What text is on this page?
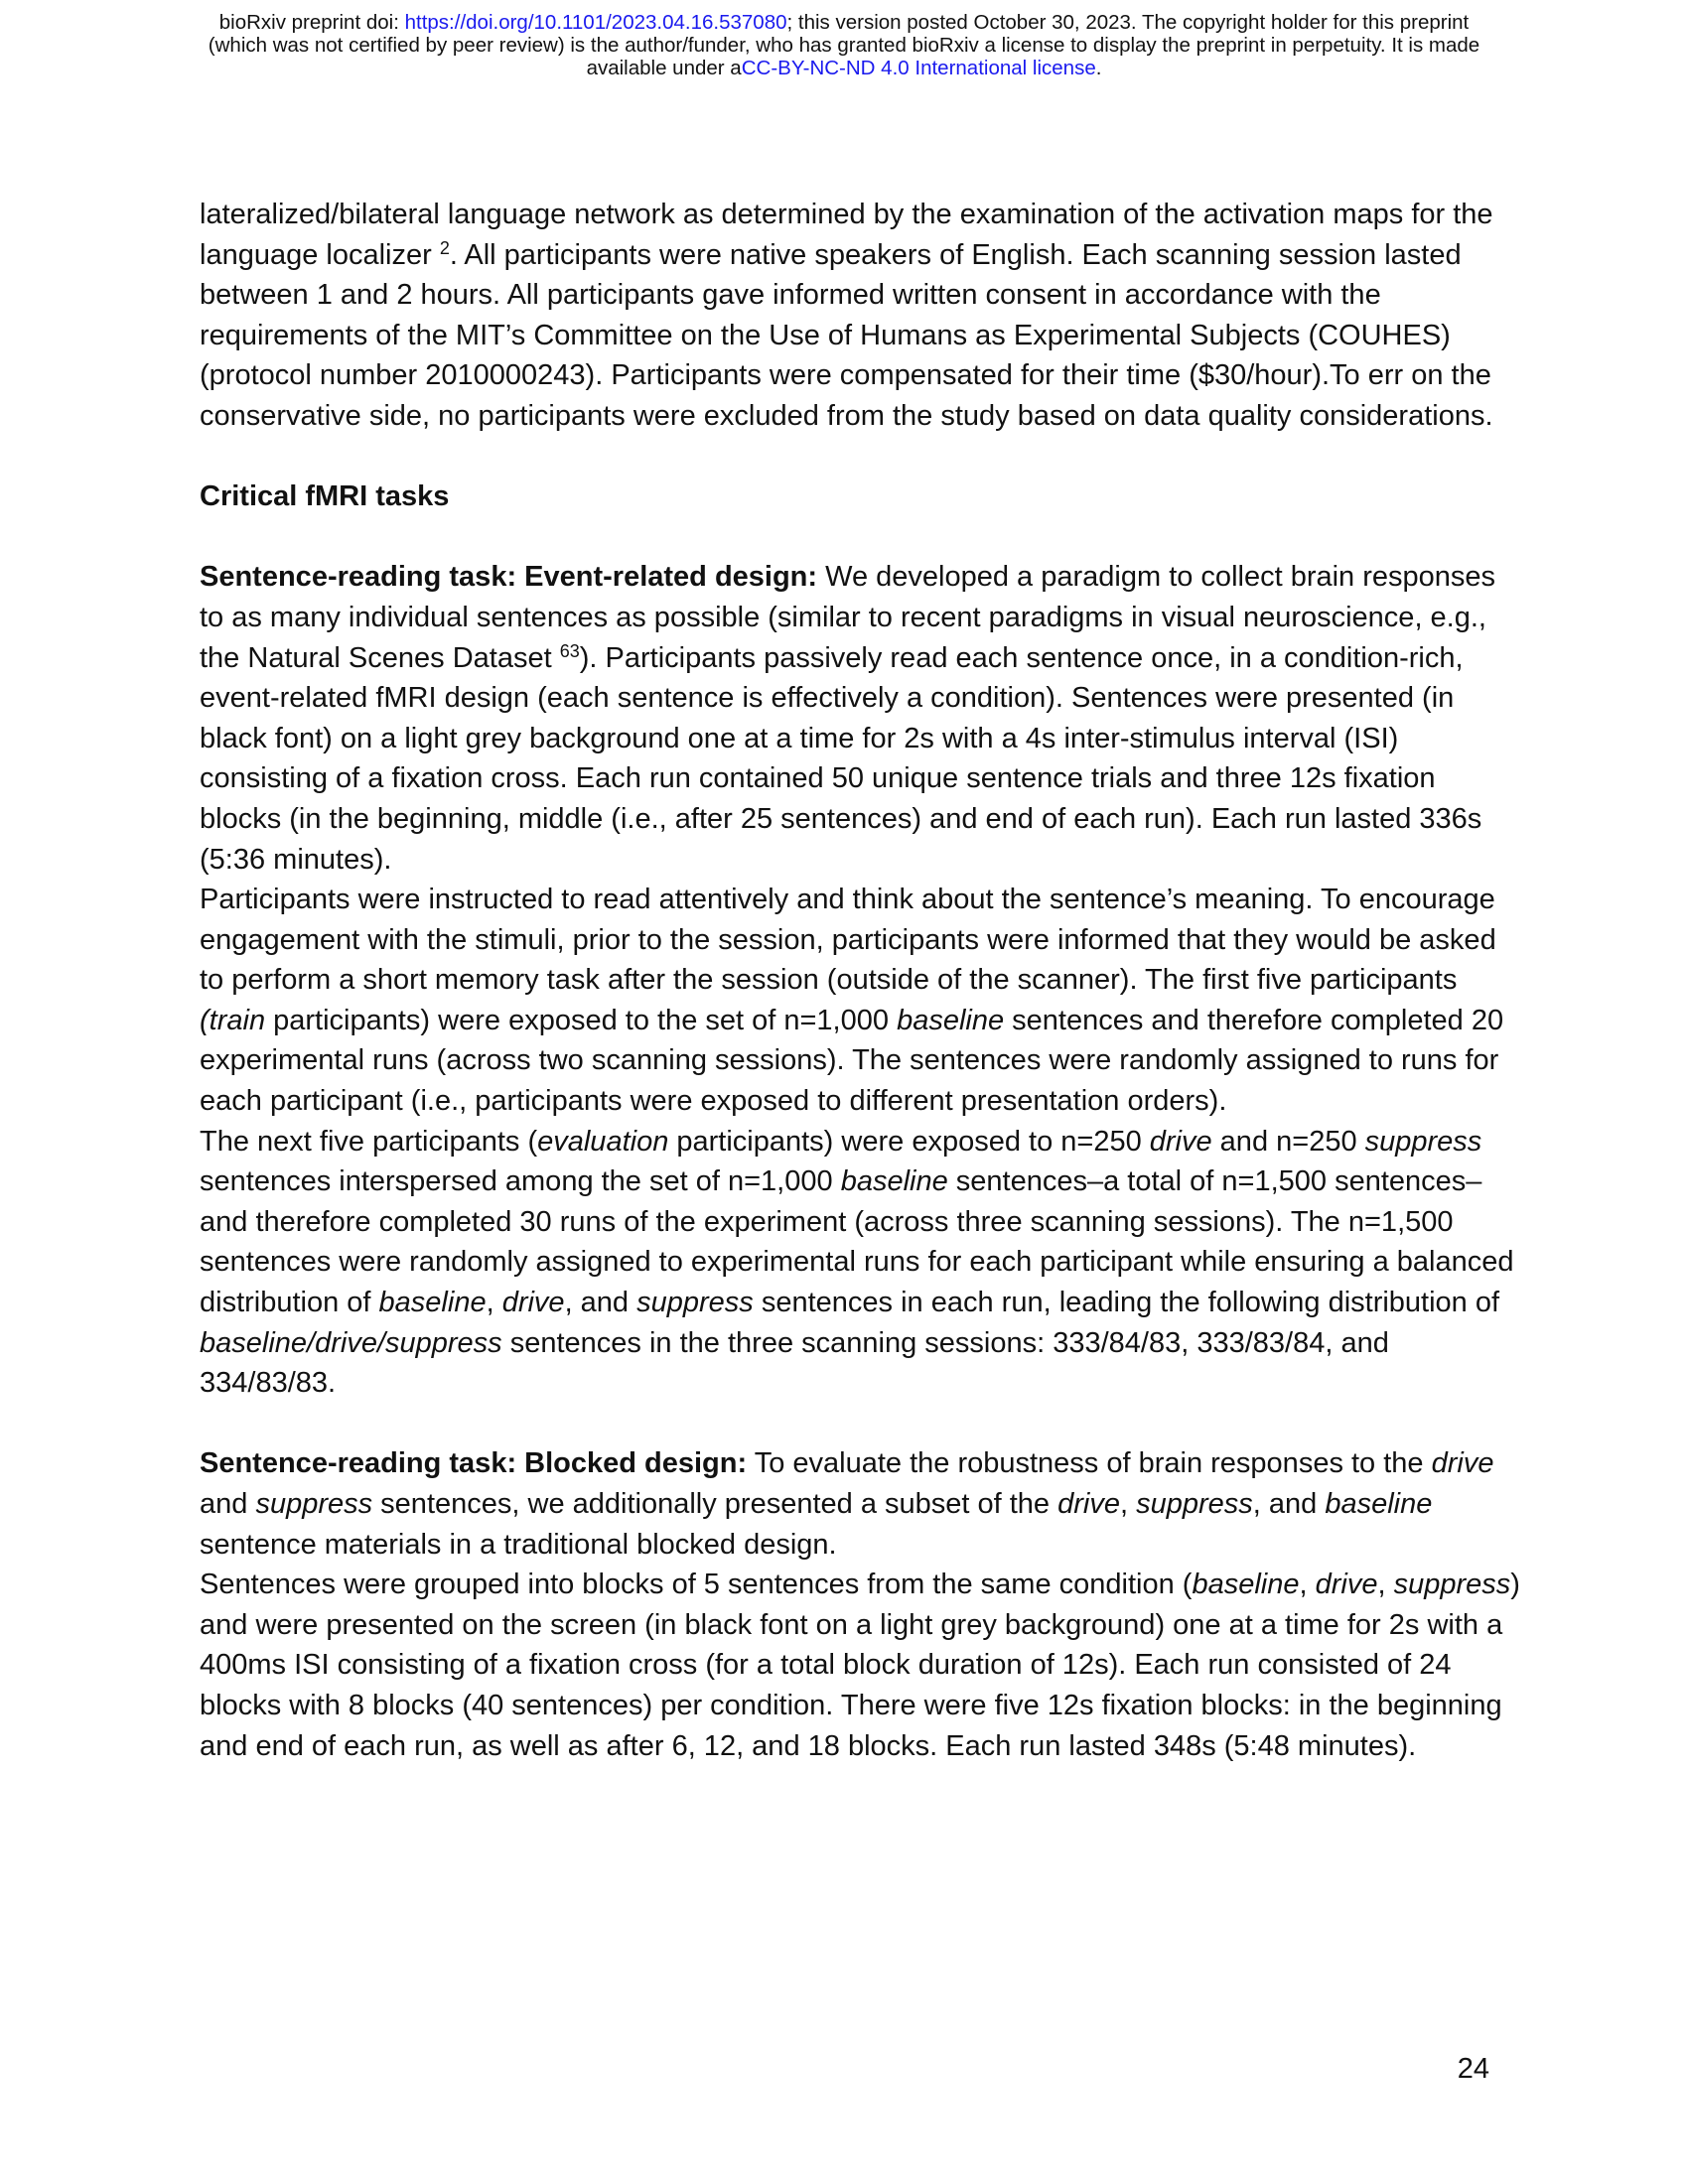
bioRxiv preprint doi: https://doi.org/10.1101/2023.04.16.537080; this version posted October 30, 2023. The copyright holder for this preprint
(which was not certified by peer review) is the author/funder, who has granted bioRxiv a license to display the preprint in perpetuity. It is made
available under aCC-BY-NC-ND 4.0 International license.

lateralized/bilateral language network as determined by the examination of the activation maps for the language localizer $^2$. All participants were native speakers of English. Each scanning session lasted between 1 and 2 hours. All participants gave informed written consent in accordance with the requirements of the MIT’s Committee on the Use of Humans as Experimental Subjects (COUHES) (protocol number 2010000243). Participants were compensated for their time ($30/hour).To err on the conservative side, no participants were excluded from the study based on data quality considerations.

Critical fMRI tasks

Sentence-reading task: Event-related design: We developed a paradigm to collect brain responses to as many individual sentences as possible (similar to recent paradigms in visual neuroscience, e.g., the Natural Scenes Dataset $^{63}$). Participants passively read each sentence once, in a condition-rich, event-related fMRI design (each sentence is effectively a condition). Sentences were presented (in black font) on a light grey background one at a time for 2s with a 4s inter-stimulus interval (ISI) consisting of a fixation cross. Each run contained 50 unique sentence trials and three 12s fixation blocks (in the beginning, middle (i.e., after 25 sentences) and end of each run). Each run lasted 336s (5:36 minutes).

Participants were instructed to read attentively and think about the sentence’s meaning. To encourage engagement with the stimuli, prior to the session, participants were informed that they would be asked to perform a short memory task after the session (outside of the scanner). The first five participants (train participants) were exposed to the set of n=1,000 baseline sentences and therefore completed 20 experimental runs (across two scanning sessions). The sentences were randomly assigned to runs for each participant (i.e., participants were exposed to different presentation orders).

The next five participants (evaluation participants) were exposed to n=250 drive and n=250 suppress sentences interspersed among the set of n=1,000 baseline sentences–a total of n=1,500 sentences–and therefore completed 30 runs of the experiment (across three scanning sessions). The n=1,500 sentences were randomly assigned to experimental runs for each participant while ensuring a balanced distribution of baseline, drive, and suppress sentences in each run, leading the following distribution of baseline/drive/suppress sentences in the three scanning sessions: 333/84/83, 333/83/84, and 334/83/83.

Sentence-reading task: Blocked design: To evaluate the robustness of brain responses to the drive and suppress sentences, we additionally presented a subset of the drive, suppress, and baseline sentence materials in a traditional blocked design.

Sentences were grouped into blocks of 5 sentences from the same condition (baseline, drive, suppress) and were presented on the screen (in black font on a light grey background) one at a time for 2s with a 400ms ISI consisting of a fixation cross (for a total block duration of 12s). Each run consisted of 24 blocks with 8 blocks (40 sentences) per condition. There were five 12s fixation blocks: in the beginning and end of each run, as well as after 6, 12, and 18 blocks. Each run lasted 348s (5:48 minutes).

24
